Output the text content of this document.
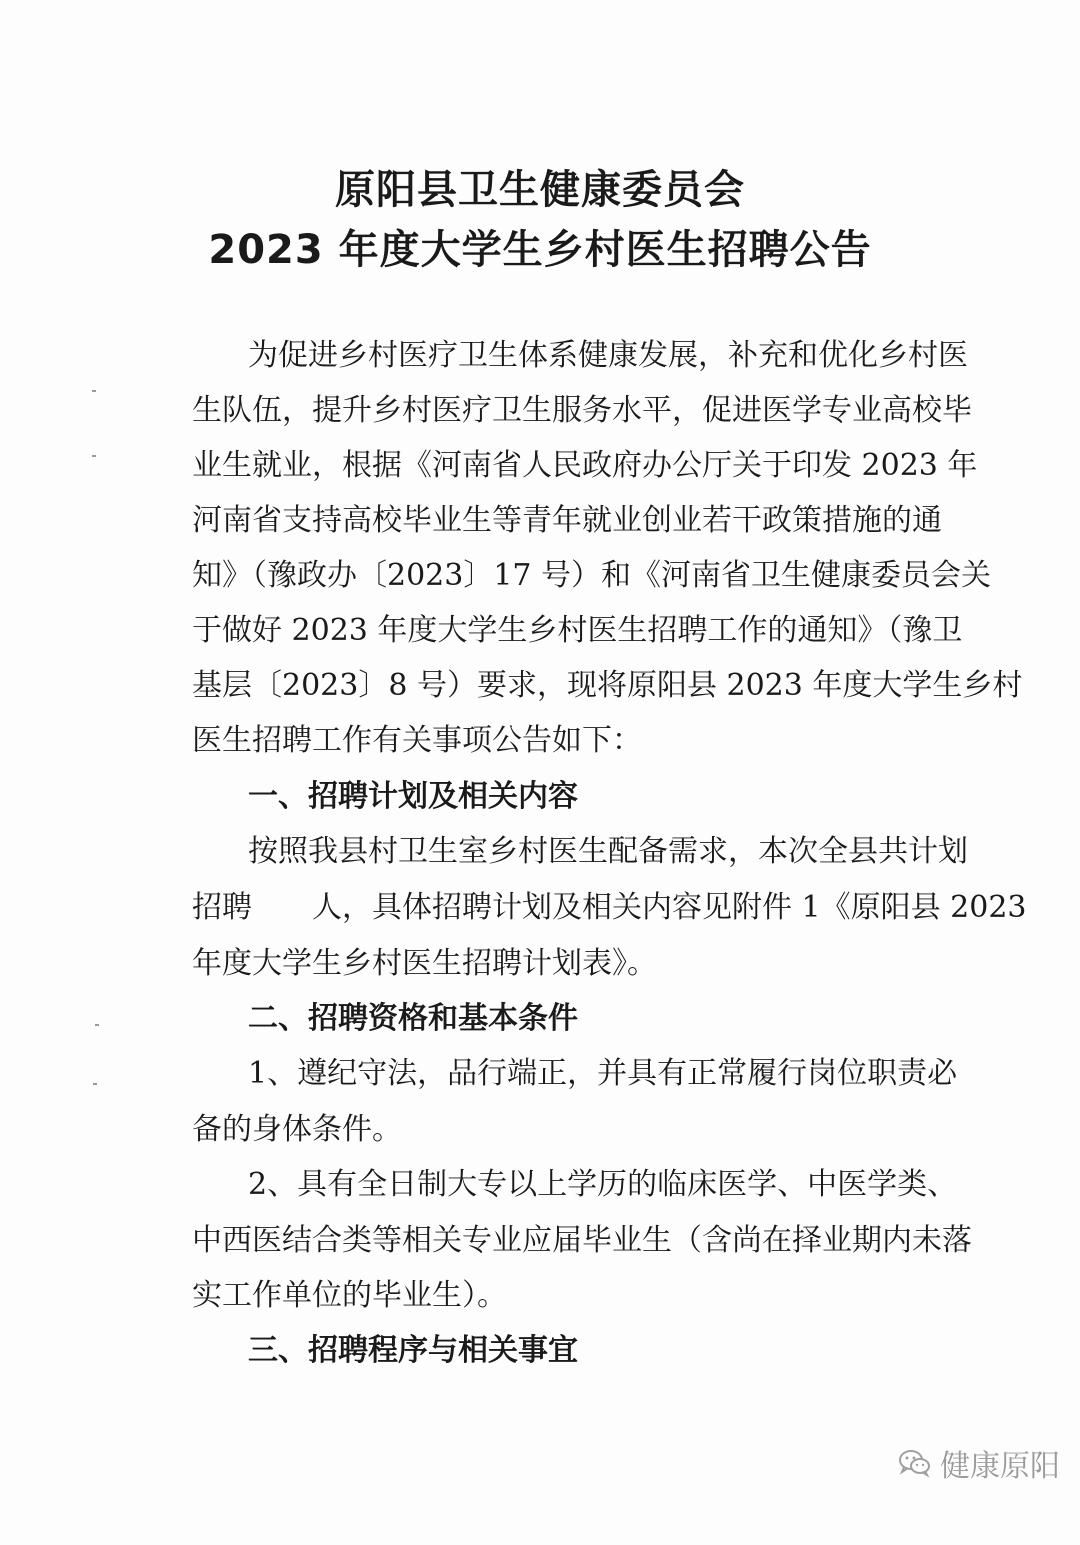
原阳县卫生健康委员会
2023 年度大学生乡村医生招聘公告
为促进乡村医疗卫生体系健康发展，补充和优化乡村医
生队伍，提升乡村医疗卫生服务水平，促进医学专业高校毕
业生就业，根据《河南省人民政府办公厅关于印发 2023 年
河南省支持高校毕业生等青年就业创业若干政策措施的通
知》（豫政办〔2023〕17 号）和《河南省卫生健康委员会关
于做好 2023 年度大学生乡村医生招聘工作的通知》（豫卫
基层〔2023〕8 号）要求，现将原阳县 2023 年度大学生乡村
医生招聘工作有关事项公告如下：
一、招聘计划及相关内容
按照我县村卫生室乡村医生配备需求，本次全县共计划
招聘　　人，具体招聘计划及相关内容见附件 1《原阳县 2023
年度大学生乡村医生招聘计划表》。
二、招聘资格和基本条件
1、遵纪守法，品行端正，并具有正常履行岗位职责必
备的身体条件。
2、具有全日制大专以上学历的临床医学、中医学类、
中西医结合类等相关专业应届毕业生（含尚在择业期内未落
实工作单位的毕业生）。
三、招聘程序与相关事宜
健康原阳
